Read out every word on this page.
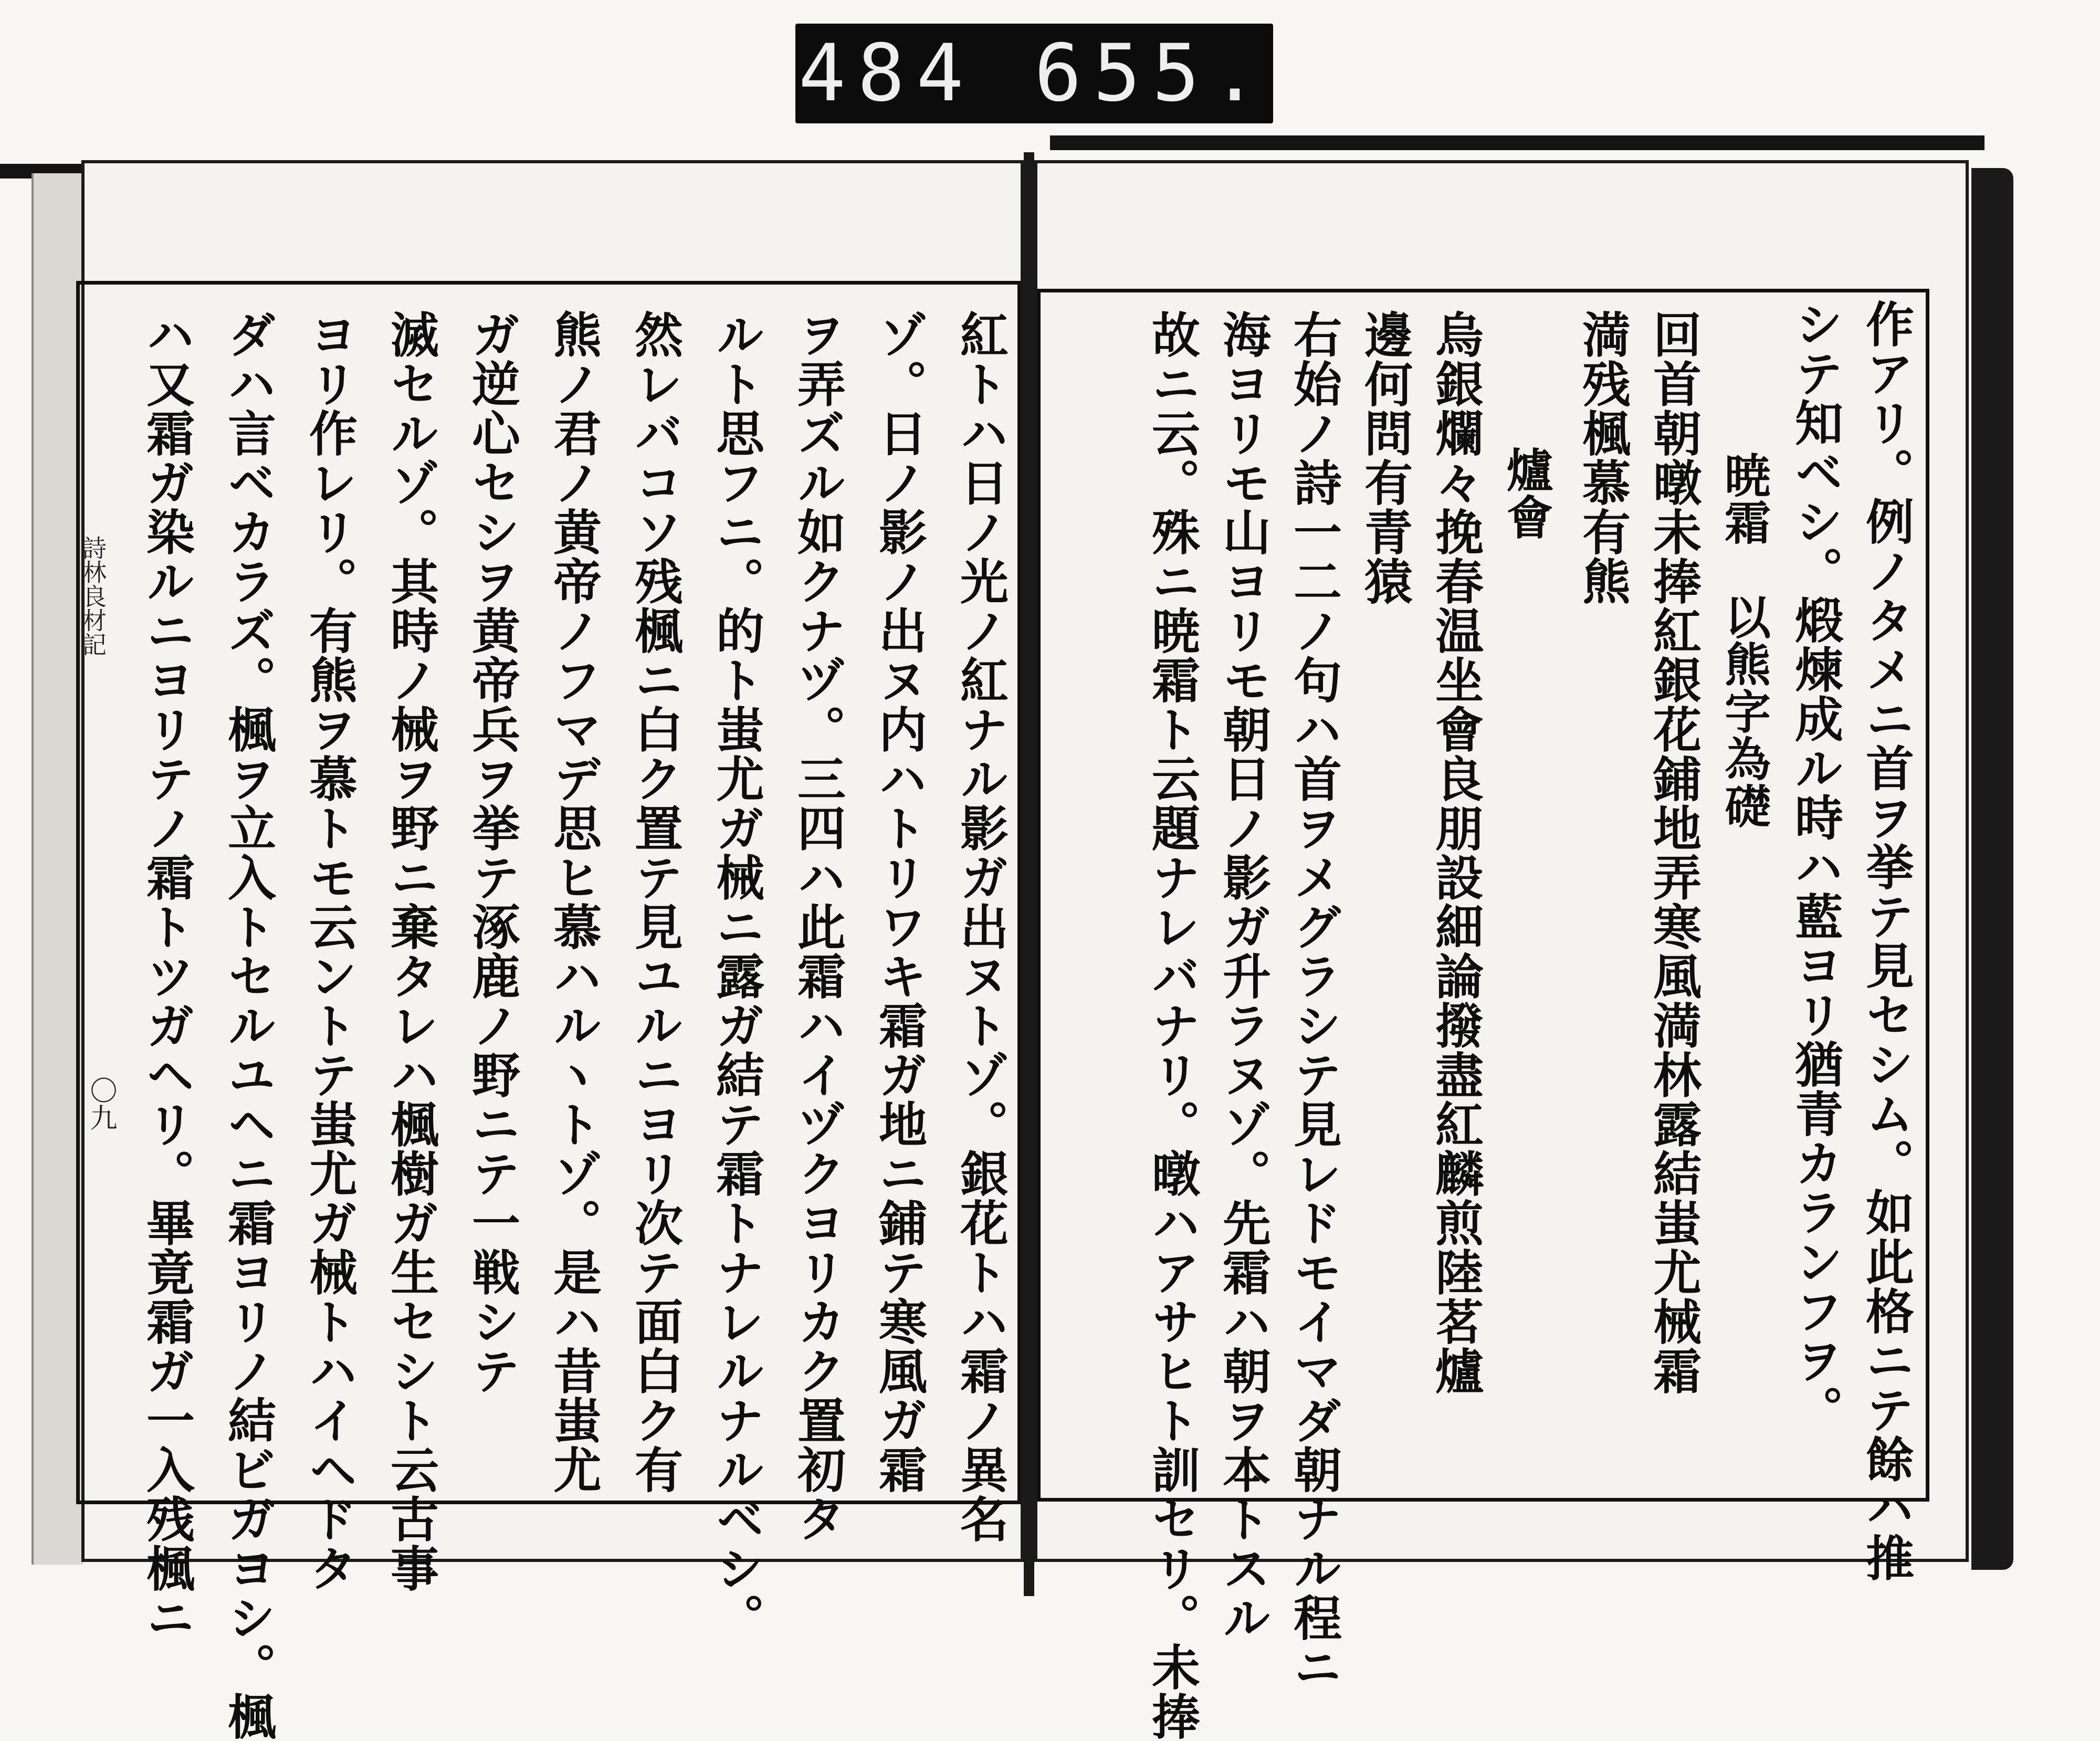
484 655.
詩林良材記
〇九	紅トハ日ノ光ノ紅ナル影ガ出ヌトゾ。銀花トハ霜ノ異名
ゾ。日ノ影ノ出ヌ内ハトリワキ霜ガ地ニ鋪テ寒風ガ霜
ヲ弄ズル如クナヅ。三四ハ此霜ハイヅクヨリカク置初タ
ルト思フニ。的ト蚩尤ガ械ニ露ガ結テ霜トナレルナルベシ。
然レバコソ残楓ニ白ク置テ見ユルニヨリ次テ面白ク有
熊ノ君ノ黄帝ノフマデ思ヒ慕ハルヽトゾ。是ハ昔蚩尤
ガ逆心セシヲ黄帝兵ヲ挙テ涿鹿ノ野ニテ一戦シテ
滅セルゾ。其時ノ械ヲ野ニ棄タレハ楓樹ガ生セシト云古事
ヨリ作レリ。有熊ヲ慕トモ云ントテ蚩尤ガ械トハイヘドタ
ダハ言ベカラズ。楓ヲ立入トセルユヘニ霜ヨリノ結ビガヨシ。楓
ハ又霜ガ染ルニヨリテノ霜トツガヘリ。畢竟霜ガ一入残楓ニ	作アリ。例ノタメニ首ヲ挙テ見セシム。如此格ニテ餘ハ推
シテ知ベシ。煅煉成ル時ハ藍ヨリ猶青カランフヲ。
暁霜　以熊字為礎
回首朝暾未捧紅銀花鋪地弄寒風満林露結蚩尤械霜
満残楓慕有熊
爐會
烏銀爛々挽春温坐會良朋設細論撥盡紅麟煎陸茗爐
邊何問有青猿
右始ノ詩一二ノ句ハ首ヲメグラシテ見レドモイマダ朝ナル程ニ
海ヨリモ山ヨリモ朝日ノ影ガ升ラヌゾ。先霜ハ朝ヲ本トスル
故ニ云。殊ニ暁霜ト云題ナレバナリ。暾ハアサヒト訓セリ。未捧
